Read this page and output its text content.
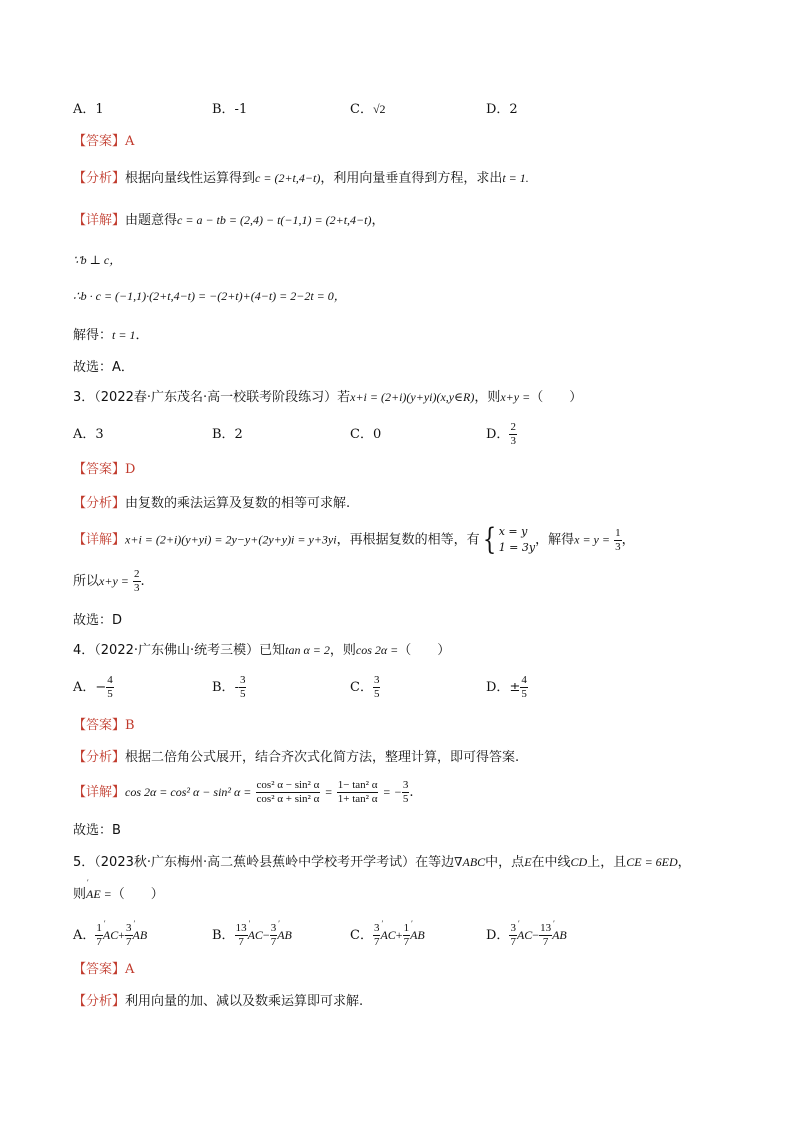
A．1	B．-1	C．√2	D．2
【答案】A
【分析】根据向量线性运算得到c = (2+t,4−t)，利用向量垂直得到方程，求出t = 1.
【详解】由题意得c = a − tb = (2,4) − t(−1,1) = (2+t,4−t)，
∵b ⊥ c，
∴b · c = (−1,1)·(2+t,4−t) = −(2+t)+(4−t) = 2−2t = 0，
解得：t = 1．
故选：A．
3．（2022春·广东茂名·高一校联考阶段练习）若x+i = (2+i)(y+yi)(x,y∈R)，则x+y =（　　）
A．3	B．2	C．0	D． $\frac{2}{3}$
【答案】D
【分析】由复数的乘法运算及复数的相等可求解.
【详解】x+i = (2+i)(y+yi) = 2y−y+(2y+y)i = y+3yi，再根据复数的相等，有{ x = y
1 = 3y ，解得$x = y = \frac{1}{3}$ ，
所以$x+y = \frac{2}{3}$ .
故选：D
4．（2022·广东佛山·统考三模）已知tan α = 2，则cos 2α =（　　）
A．− $\frac{4}{5}$	B．- $\frac{3}{5}$	C． $\frac{3}{5}$	D．± $\frac{4}{5}$
【答案】B
【分析】根据二倍角公式展开，结合齐次式化简方法，整理计算，即可得答案.
【详解】cos 2α = cos² α − sin² $\alpha = \frac{\text{cos² α − sin² α}}{\text{cos² α + sin² α}} = \frac{\text{1− tan² α}}{\text{1+ tan² α}}$ = − $\frac{3}{5}$ .
故选：B
5．（2023秋·广东梅州·高二蕉岭县蕉岭中学校考开学考试）在等边∇ABC中，点E在中线CD上，且CE = 6ED，
则′ AE =（　　）
A． $\frac{1}{7}$ ′ $AC+ \frac{3}{7}$ ′ AB	B． $\frac{13}{7}$ ′ $AC- \frac{3}{7}$ ′ AB	C． $\frac{3}{7}$ ′ $AC+ \frac{1}{7}$ ′ AB	D． $\frac{3}{7}$ ′ $AC- \frac{13}{7}$ ′ AB
【答案】A
【分析】利用向量的加、减以及数乘运算即可求解.
